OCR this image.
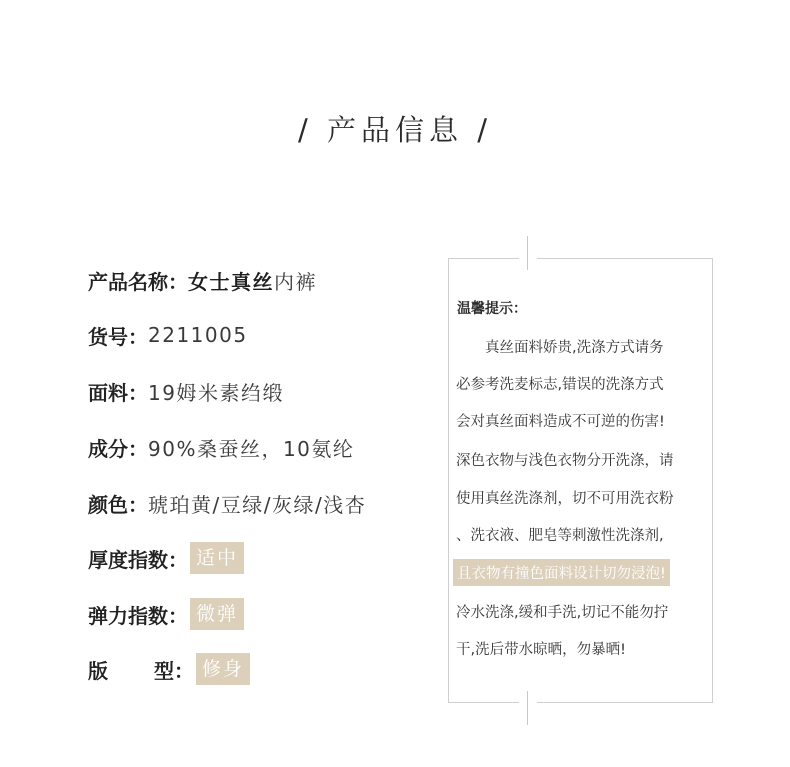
/ 产品信息 /
产品名称： 女士真丝内裤
货号： 2211005
面料： 19姆米素绉缎
成分： 90%桑蚕丝，10氨纶
颜色： 琥珀黄/豆绿/灰绿/浅杏
厚度指数： 适中
弹力指数： 微弹
版 型： 修身
温馨提示：
　　真丝面料娇贵,洗涤方式请务
必参考洗麦标志,错误的洗涤方式
会对真丝面料造成不可逆的伤害!
深色衣物与浅色衣物分开洗涤，请
使用真丝洗涤剂，切不可用洗衣粉
、洗衣液、肥皂等刺激性洗涤剂,
且衣物有撞色面料设计切勿浸泡!
冷水洗涤,缓和手洗,切记不能勿拧
干,洗后带水晾晒，勿暴晒!
